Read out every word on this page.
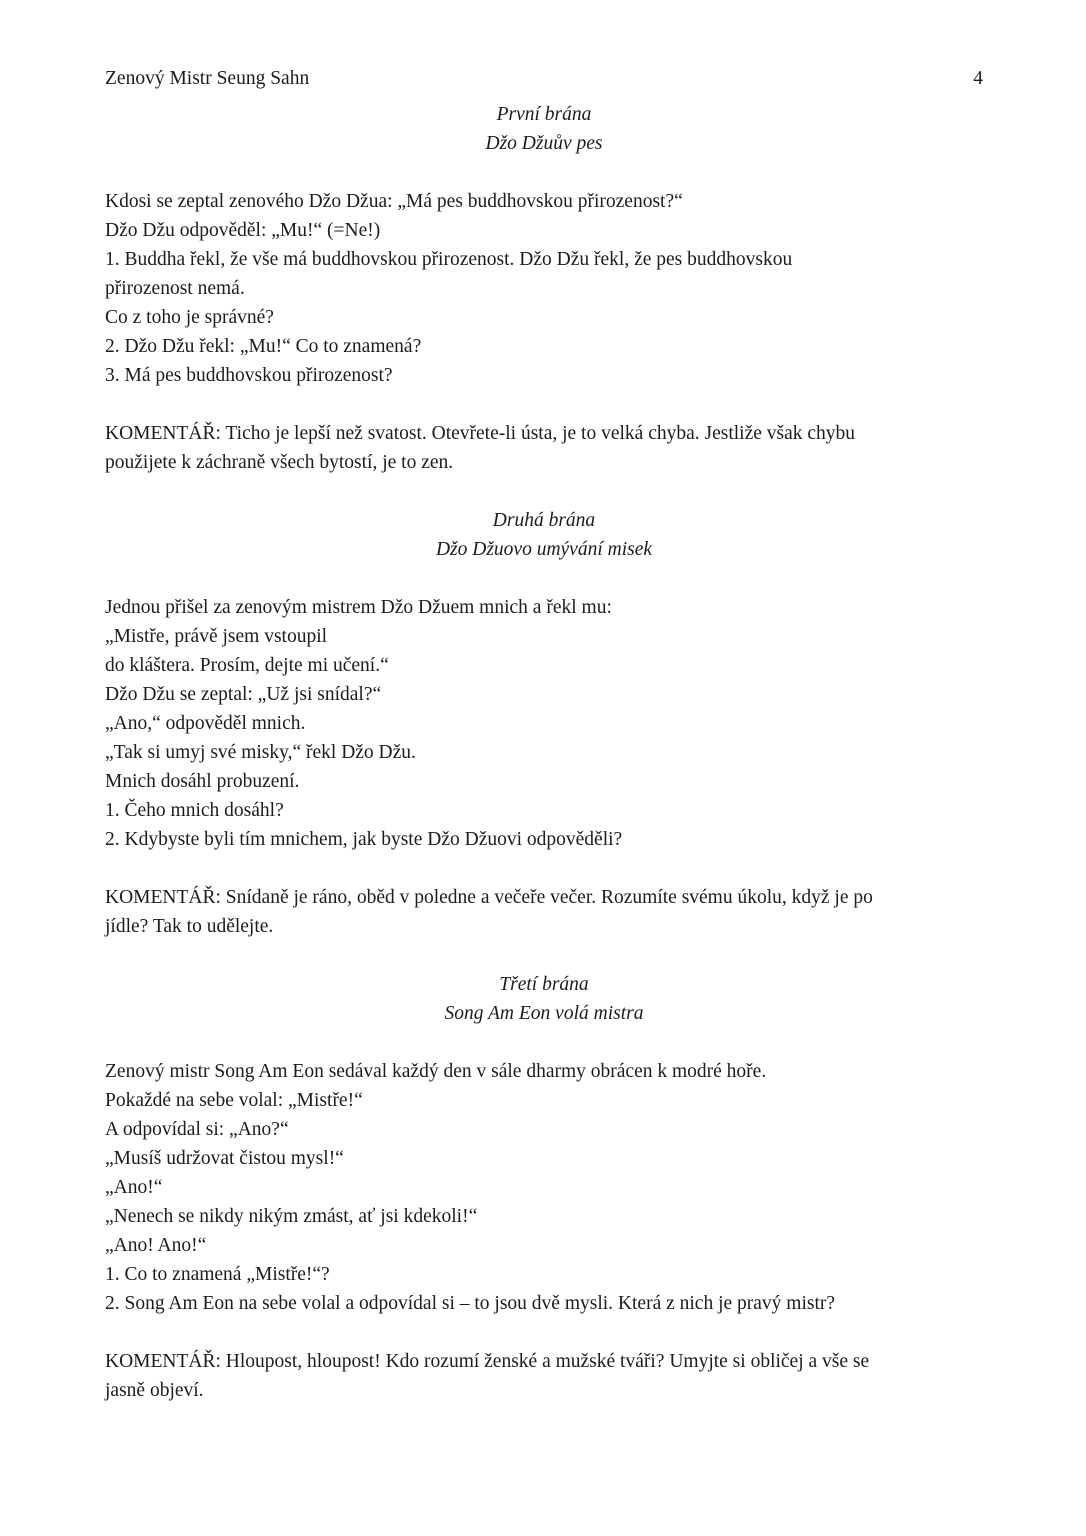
Zenový Mistr Seung Sahn	4
První brána
Džo Džuův pes
Kdosi se zeptal zenového Džo Džua: „Má pes buddhovskou přirozenost?“
Džo Džu odpověděl: „Mu!“ (=Ne!)
1. Buddha řekl, že vše má buddhovskou přirozenost. Džo Džu řekl, že pes buddhovskou
přirozenost nemá.
Co z toho je správné?
2. Džo Džu řekl: „Mu!“ Co to znamená?
3. Má pes buddhovskou přirozenost?
KOMENTÁŘ: Ticho je lepší než svatost. Otevřete-li ústa, je to velká chyba. Jestliže však chybu
použijete k záchraně všech bytostí, je to zen.
Druhá brána
Džo Džuovo umývání misek
Jednou přišel za zenovým mistrem Džo Džuem mnich a řekl mu:
„Mistře, právě jsem vstoupil
do kláštera. Prosím, dejte mi učení.“
Džo Džu se zeptal: „Už jsi snídal?“
„Ano,“ odpověděl mnich.
„Tak si umyj své misky,“ řekl Džo Džu.
Mnich dosáhl probuzení.
1. Čeho mnich dosáhl?
2. Kdybyste byli tím mnichem, jak byste Džo Džuovi odpověděli?
KOMENTÁŘ: Snídaně je ráno, oběd v poledne a večeře večer. Rozumíte svému úkolu, když je po
jídle? Tak to udělejte.
Třetí brána
Song Am Eon volá mistra
Zenový mistr Song Am Eon sedával každý den v sále dharmy obrácen k modré hoře.
Pokaždé na sebe volal: „Mistře!“
A odpovídal si: „Ano?“
„Musíš udržovat čistou mysl!“
„Ano!“
„Nenech se nikdy nikým zmást, ať jsi kdekoli!“
„Ano! Ano!“
1. Co to znamená „Mistře!“?
2. Song Am Eon na sebe volal a odpovídal si – to jsou dvě mysli. Která z nich je pravý mistr?
KOMENTÁŘ: Hloupost, hloupost! Kdo rozumí ženské a mužské tváři? Umyjte si obličej a vše se
jasně objeví.
